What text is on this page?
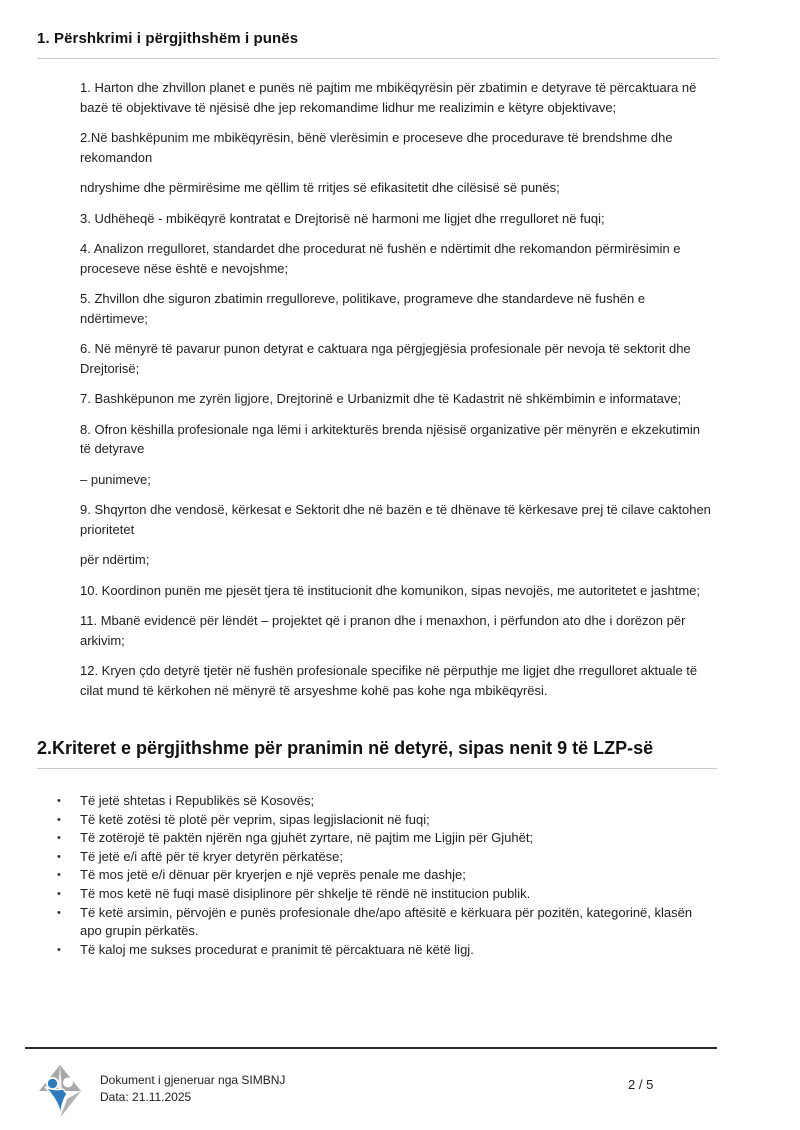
1. Përshkrimi i përgjithshëm i punës

1. Harton dhe zhvillon planet e punës në pajtim me mbikëqyrësin për zbatimin e detyrave të përcaktuara në bazë të objektivave të njësisë dhe jep rekomandime lidhur me realizimin e këtyre objektivave;

2.Në bashkëpunim me mbikëqyrësin, bënë vlerësimin e proceseve dhe procedurave të brendshme dhe rekomandon

ndryshime dhe përmirësime me qëllim të rritjes së efikasitetit dhe cilësisë së punës;

3. Udhëheqë - mbikëqyrë kontratat e Drejtorisë në harmoni me ligjet dhe rregulloret në fuqi;

4. Analizon rregulloret, standardet dhe procedurat në fushën e ndërtimit dhe rekomandon përmirësimin e proceseve nëse është e nevojshme;

5. Zhvillon dhe siguron zbatimin rregulloreve, politikave, programeve dhe standardeve në fushën e ndërtimeve;

6. Në mënyrë të pavarur punon detyrat e caktuara nga përgjegjësia profesionale për nevoja të sektorit dhe Drejtorisë;

7. Bashkëpunon me zyrën ligjore, Drejtorinë e Urbanizmit dhe të Kadastrit në shkëmbimin e informatave;

8. Ofron këshilla profesionale nga lëmi i arkitekturës brenda njësisë organizative për mënyrën e ekzekutimin të detyrave

– punimeve;

9. Shqyrton dhe vendosë, kërkesat e Sektorit dhe në bazën e të dhënave të kërkesave prej të cilave caktohen prioritetet

për ndërtim;

10. Koordinon punën me pjesët tjera të institucionit dhe komunikon, sipas nevojës, me autoritetet e jashtme;

11. Mbanë evidencë për lëndët – projektet që i pranon dhe i menaxhon, i përfundon ato dhe i dorëzon për arkivim;

12. Kryen çdo detyrë tjetër në fushën profesionale specifike në përputhje me ligjet dhe rregulloret aktuale të cilat mund të kërkohen në mënyrë të arsyeshme kohë pas kohe nga mbikëqyrësi.

2.Kriteret e përgjithshme për pranimin në detyrë, sipas nenit 9 të LZP-së
• Të jetë shtetas i Republikës së Kosovës;
• Të ketë zotësi të plotë për veprim, sipas legjislacionit në fuqi;
• Të zotërojë të paktën njërën nga gjuhët zyrtare, në pajtim me Ligjin për Gjuhët;
• Të jetë e/i aftë për të kryer detyrën përkatëse;
• Të mos jetë e/i dënuar për kryerjen e një veprës penale me dashje;
• Të mos ketë në fuqi masë disiplinore për shkelje të rëndë në institucion publik.
• Të ketë arsimin, përvojën e punës profesionale dhe/apo aftësitë e kërkuara për pozitën, kategorinë, klasën apo grupin përkatës.
• Të kaloj me sukses procedurat e pranimit të përcaktuara në këtë ligj.
Dokument i gjeneruar nga SIMBNJ
Data: 21.11.2025
2 / 5
